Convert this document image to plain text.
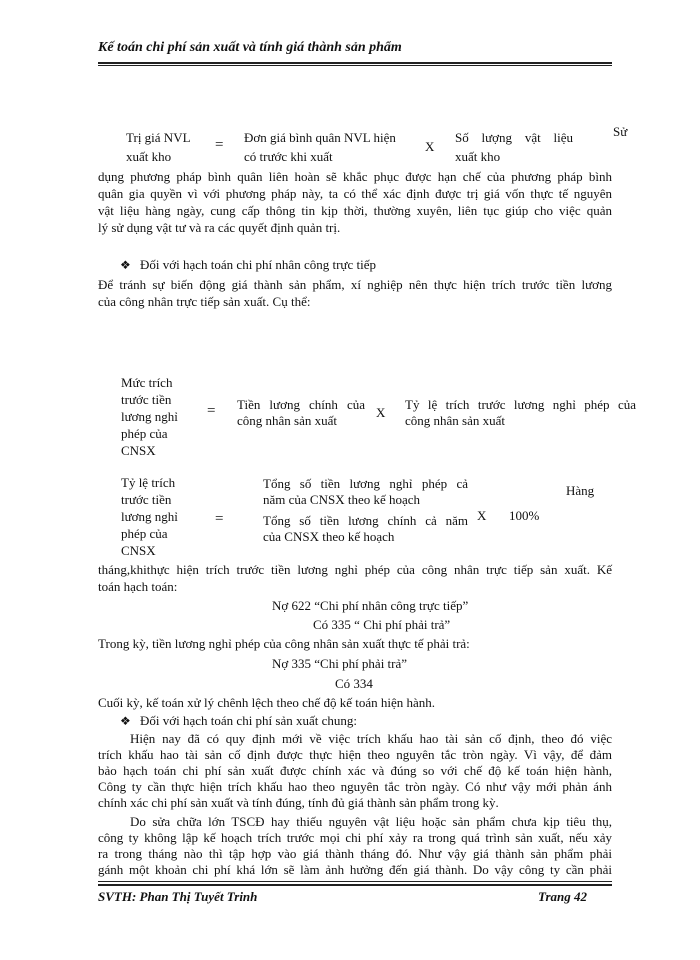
Kế toán chi phí sản xuất và tính giá thành sản phẩm
Trị giá NVL
xuất kho
= Đơn giá bình quân NVL hiện
có trước khi xuất
X
Số lượng vật liệu
xuất kho
Sử
dụng phương pháp bình quân liên hoàn sẽ khắc phục được hạn chế của phương pháp bình
quân gia quyền vì với phương pháp này, ta có thể xác định được trị giá vốn thực tế nguyên
vật liệu hàng ngày, cung cấp thông tin kịp thời, thường xuyên, liên tục giúp cho việc quản
lý sử dụng vật tư và ra các quyết định quản trị.
❖ Đối với hạch toán chi phí nhân công trực tiếp
Để tránh sự biến động giá thành sản phẩm, xí nghiệp nên thực hiện trích trước tiền lương
của công nhân trực tiếp sản xuất. Cụ thể:
Mức trích
trước tiền
lương nghỉ
phép của
CNSX
= Tiền lương chính của
công nhân sản xuất
X
Tỷ lệ trích trước lương nghỉ phép của
công nhân sản xuất
Tỷ lệ trích
trước tiền
lương nghỉ
phép của
CNSX
=
Tổng số tiền lương nghỉ phép cả
năm của CNSX theo kế hoạch
Tổng số tiền lương chính cả năm
của CNSX theo kế hoạch
X 100%
Hàng
tháng,khithực hiện trích trước tiền lương nghỉ phép của công nhân trực tiếp sản xuất. Kế
toán hạch toán:
Nợ 622 “Chi phí nhân công trực tiếp”
Có 335 “ Chi phí phải trả”
Trong kỳ, tiền lương nghỉ phép của công nhân sản xuất thực tế phải trả:
Nợ 335 “Chi phí phải trả”
Có 334
Cuối kỳ, kế toán xử lý chênh lệch theo chế độ kế toán hiện hành.
❖ Đối với hạch toán chi phí sản xuất chung:
Hiện nay đã có quy định mới về việc trích khấu hao tài sản cố định, theo đó việc
trích khấu hao tài sản cố định được thực hiện theo nguyên tắc tròn ngày. Vì vậy, để đảm
bảo hạch toán chi phí sản xuất được chính xác và đúng so với chế độ kế toán hiện hành,
Công ty cần thực hiện trích khấu hao theo nguyên tắc tròn ngày. Có như vậy mới phản ánh
chính xác chi phí sản xuất và tính đúng, tính đủ giá thành sản phẩm trong kỳ.
Do sửa chữa lớn TSCĐ hay thiếu nguyên vật liệu hoặc sản phẩm chưa kịp tiêu thụ,
công ty không lập kế hoạch trích trước mọi chi phí xảy ra trong quá trình sản xuất, nếu xảy
ra trong tháng nào thì tập hợp vào giá thành tháng đó. Như vậy giá thành sản phẩm phải
gánh một khoản chi phí khá lớn sẽ làm ảnh hưởng đến giá thành. Do vậy công ty cần phải
SVTH: Phan Thị Tuyết Trinh	Trang 42
